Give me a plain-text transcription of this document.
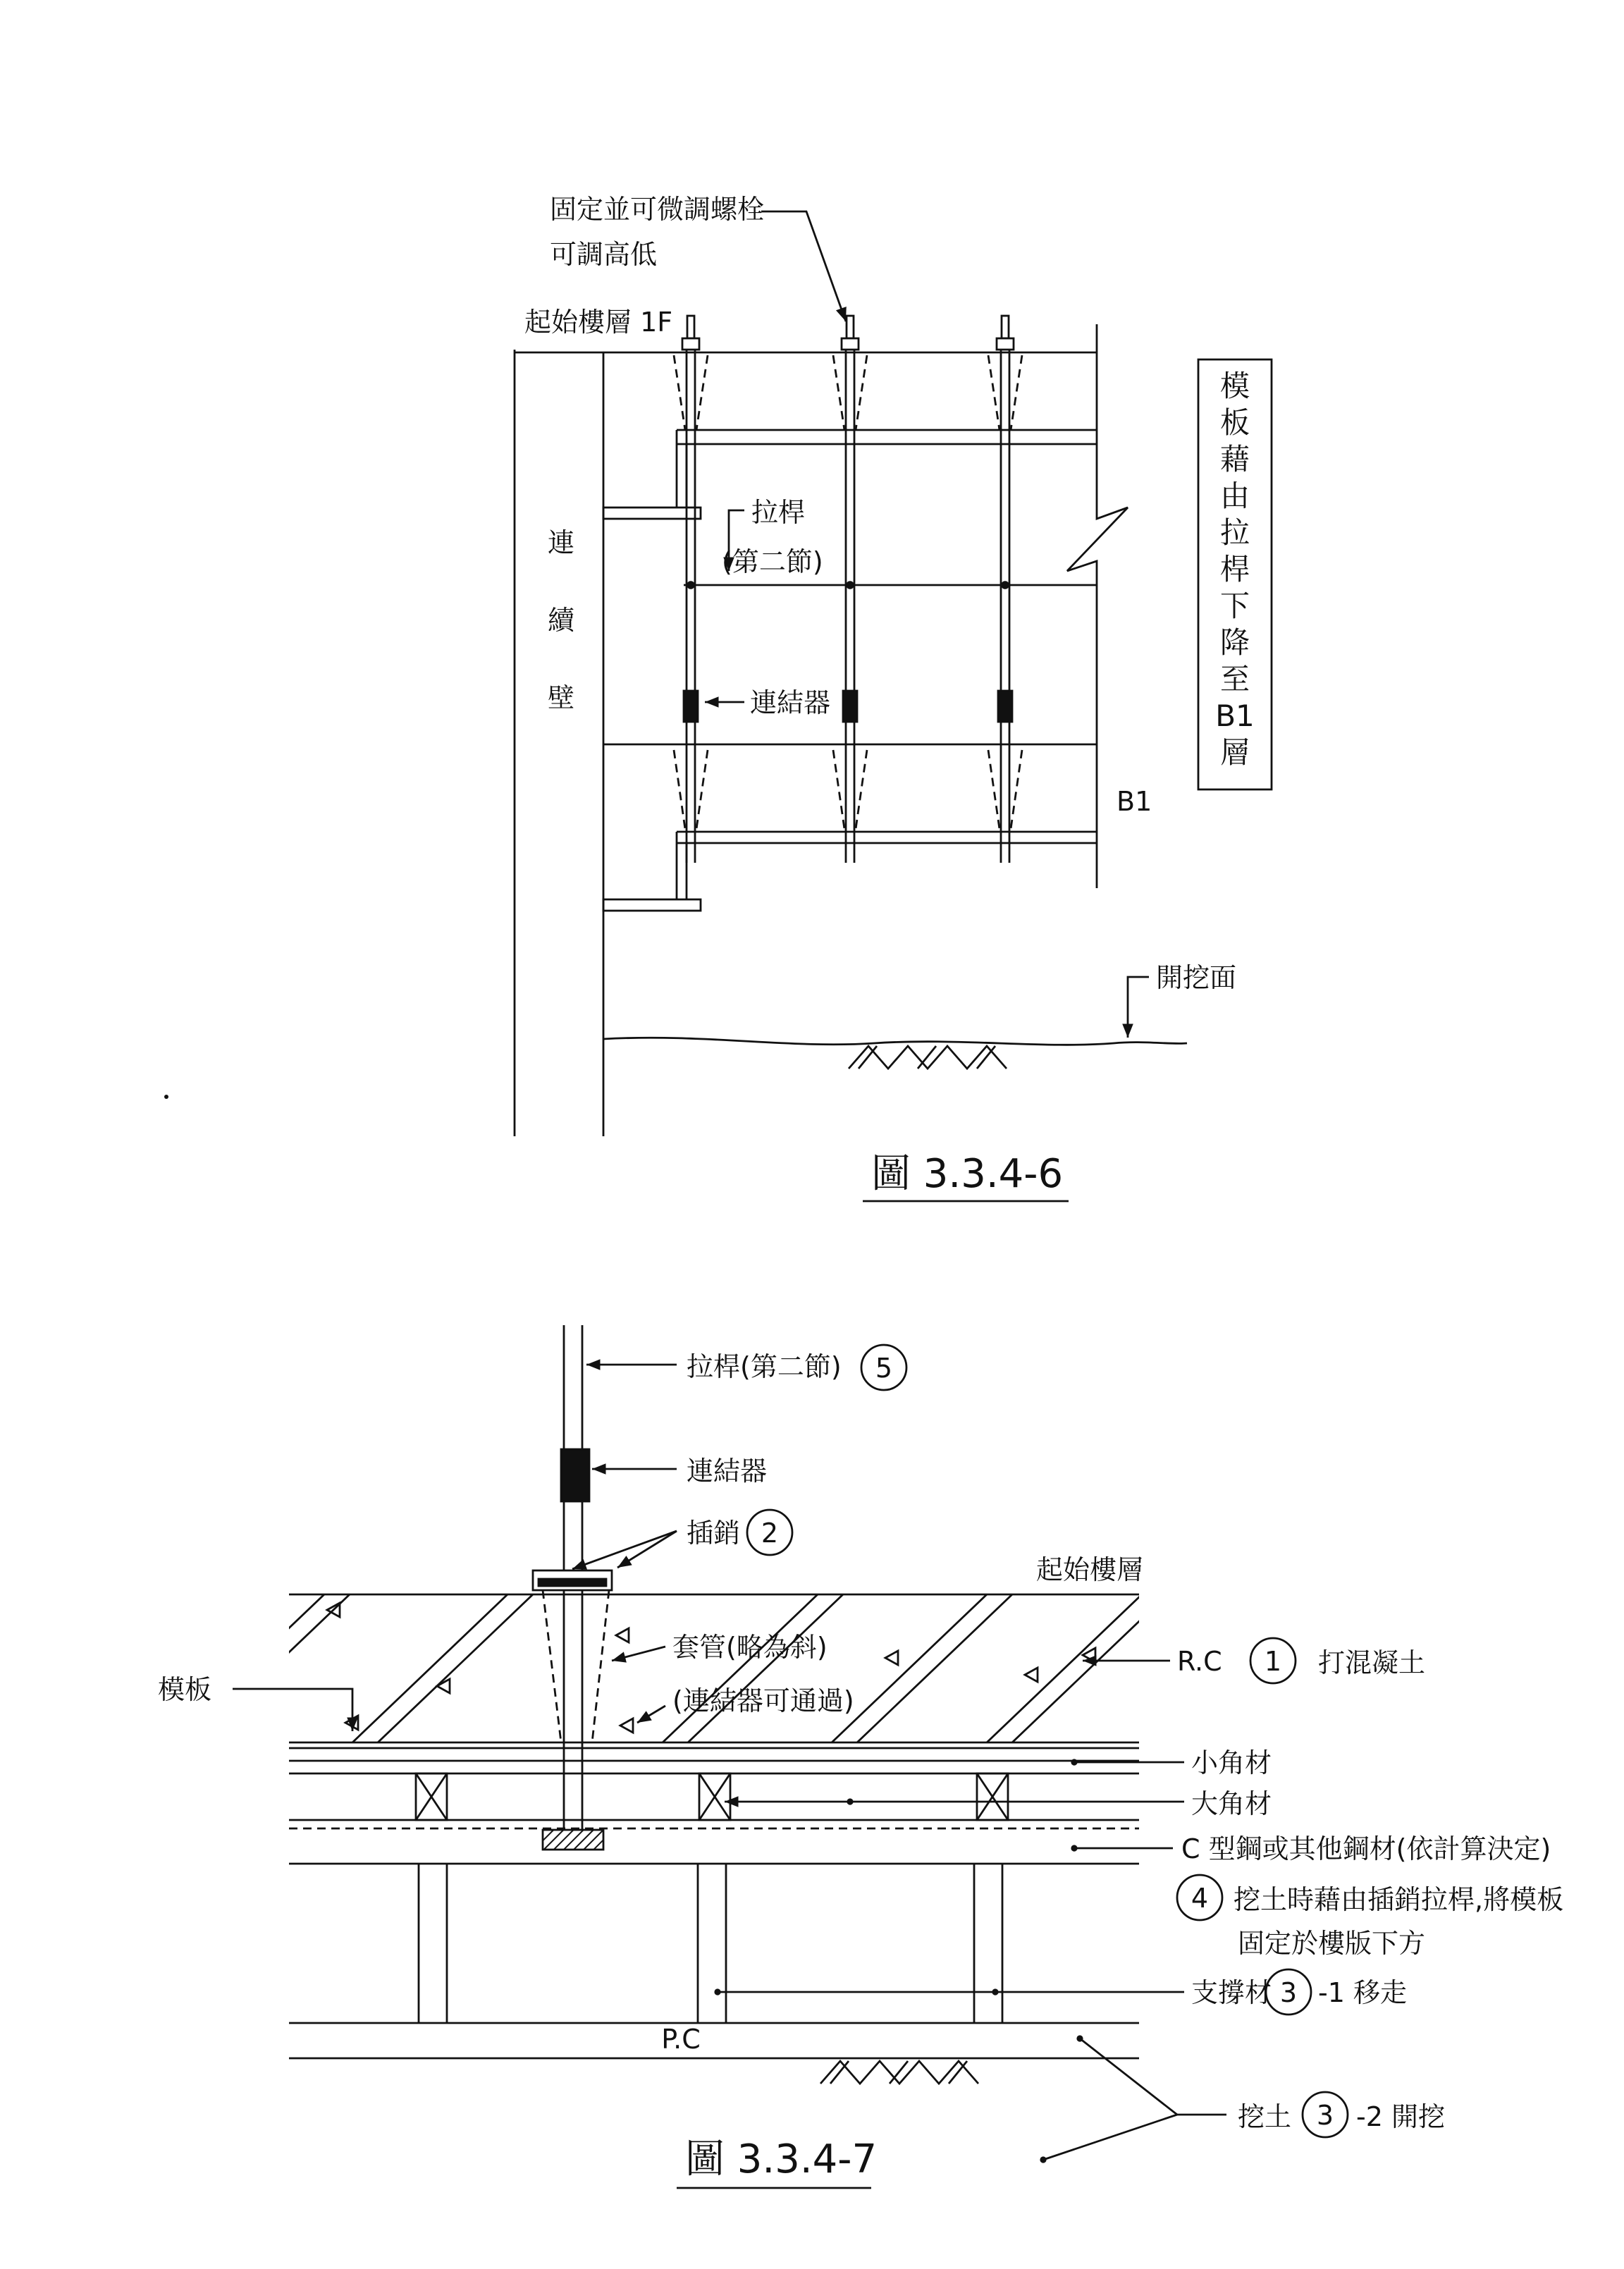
固定並可微調螺栓
可調高低
起始樓層 1F
拉桿
(第二節)
連結器
B1
開挖面
圖 3.3.4-6
拉桿(第二節)	5
連結器
插銷 2
起始樓層
套管(略為斜)
(連結器可通過)
R.C	1	打混凝土
模板
小角材
大角材
C 型鋼或其他鋼材(依計算決定)
4 挖土時藉由插銷拉桿,將模板
固定於樓版下方
支撐材 3 -1 移走
P.C
挖土 3 -2 開挖
圖 3.3.4-7
連續壁
模板藉由拉桿下降至B1層
